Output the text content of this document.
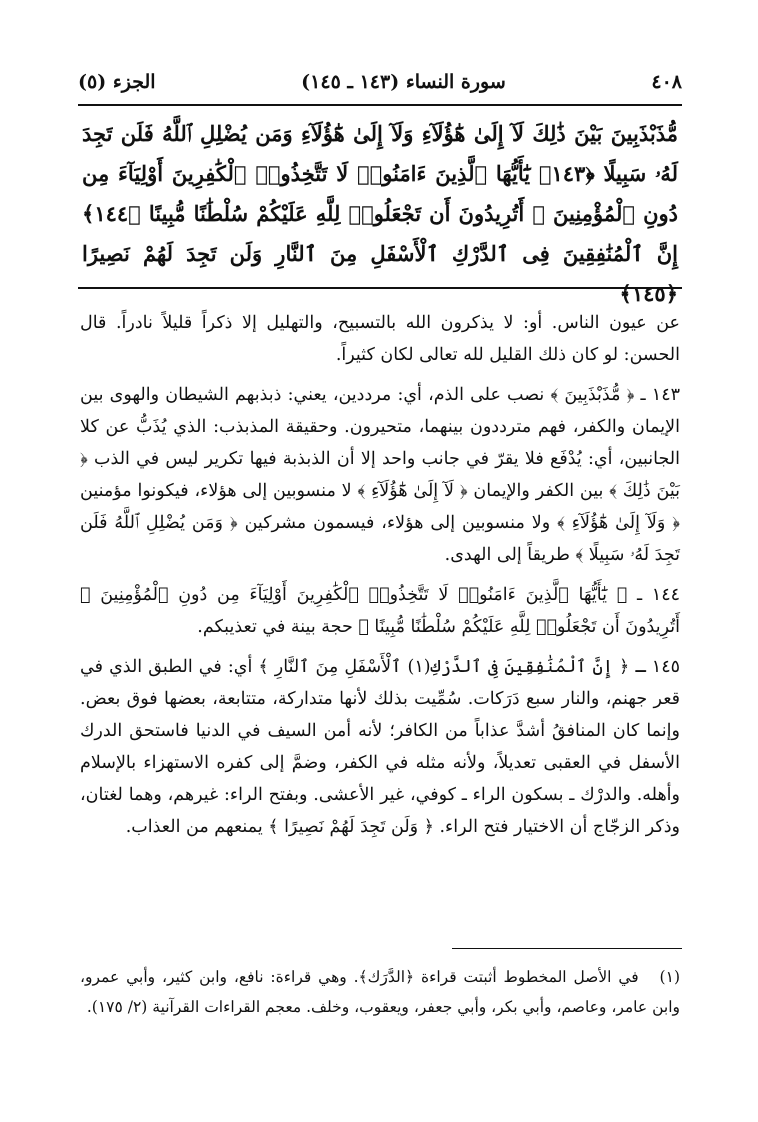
٤٠٨
سورة النساء (١٤٣ ـ ١٤٥)
الجزء (٥)
مُّذَبْذَبِينَ بَيْنَ ذَٰلِكَ لَآ إِلَىٰ هَٰٓؤُلَآءِ وَلَآ إِلَىٰ هَٰٓؤُلَآءِ وَمَن يُضْلِلِ ٱللَّهُ فَلَن تَجِدَ لَهُۥ سَبِيلًا ﴿١٤٣﴾ يَٰٓأَيُّهَا ٱلَّذِينَ ءَامَنُوا۟ لَا تَتَّخِذُوا۟ ٱلْكَٰفِرِينَ أَوْلِيَآءَ مِن دُونِ ٱلْمُؤْمِنِينَ ۚ أَتُرِيدُونَ أَن تَجْعَلُوا۟ لِلَّهِ عَلَيْكُمْ سُلْطَٰنًا مُّبِينًا ﴿١٤٤﴾ إِنَّ ٱلْمُنَٰفِقِينَ فِى ٱلدَّرْكِ ٱلْأَسْفَلِ مِنَ ٱلنَّارِ وَلَن تَجِدَ لَهُمْ نَصِيرًا ﴿١٤٥﴾

عن عيون الناس. أو: لا يذكرون الله بالتسبيح، والتهليل إلا ذكراً قليلاً نادراً. قال الحسن: لو كان ذلك القليل لله تعالى لكان كثيراً.

١٤٣ ـ ﴿ مُّذَبْذَبِينَ ﴾ نصب على الذم، أي: مرددين، يعني: ذبذبهم الشيطان والهوى بين الإيمان والكفر، فهم مترددون بينهما، متحيرون. وحقيقة المذبذب: الذي يُذَبُّ عن كلا الجانبين، أي: يُدْفَع فلا يقرّ في جانب واحد إلا أن الذبذبة فيها تكرير ليس في الذب ﴿ بَيْنَ ذَٰلِكَ ﴾ بين الكفر والإيمان ﴿ لَآ إِلَىٰ هَٰٓؤُلَآءِ ﴾ لا منسوبين إلى هؤلاء، فيكونوا مؤمنين ﴿ وَلَآ إِلَىٰ هَٰٓؤُلَآءِ ﴾ ولا منسوبين إلى هؤلاء، فيسمون مشركين ﴿ وَمَن يُضْلِلِ ٱللَّهُ فَلَن تَجِدَ لَهُۥ سَبِيلًا ﴾ طريقاً إلى الهدى.

١٤٤ ـ ﴿ يَٰٓأَيُّهَا ٱلَّذِينَ ءَامَنُوا۟ لَا تَتَّخِذُوا۟ ٱلْكَٰفِرِينَ أَوْلِيَآءَ مِن دُونِ ٱلْمُؤْمِنِينَ ۚ أَتُرِيدُونَ أَن تَجْعَلُوا۟ لِلَّهِ عَلَيْكُمْ سُلْطَٰنًا مُّبِينًا ﴾ حجة بينة في تعذيبكم.

١٤٥ ـ ﴿ إِنَّ ٱلْمُنَٰفِقِينَ فِى ٱلدَّرْكِ(١) ٱلْأَسْفَلِ مِنَ ٱلنَّارِ ﴾ أي: في الطبق الذي في قعر جهنم، والنار سبع دَرَكات. سُمِّيت بذلك لأنها متداركة، متتابعة، بعضها فوق بعض. وإنما كان المنافقُ أشدَّ عذاباً من الكافر؛ لأنه أمن السيف في الدنيا فاستحق الدرك الأسفل في العقبى تعديلاً، ولأنه مثله في الكفر، وضمَّ إلى كفره الاستهزاء بالإسلام وأهله. والدرْك ـ بسكون الراء ـ كوفي، غير الأعشى. وبفتح الراء: غيرهم، وهما لغتان، وذكر الزجّاج أن الاختيار فتح الراء. ﴿ وَلَن تَجِدَ لَهُمْ نَصِيرًا ﴾ يمنعهم من العذاب.

(١) في الأصل المخطوط أثبتت قراءة ﴿الدَّرَك﴾. وهي قراءة: نافع، وابن كثير، وأبي عمرو، وابن عامر، وعاصم، وأبي بكر، وأبي جعفر، ويعقوب، وخلف. معجم القراءات القرآنية (٢/ ١٧٥).
